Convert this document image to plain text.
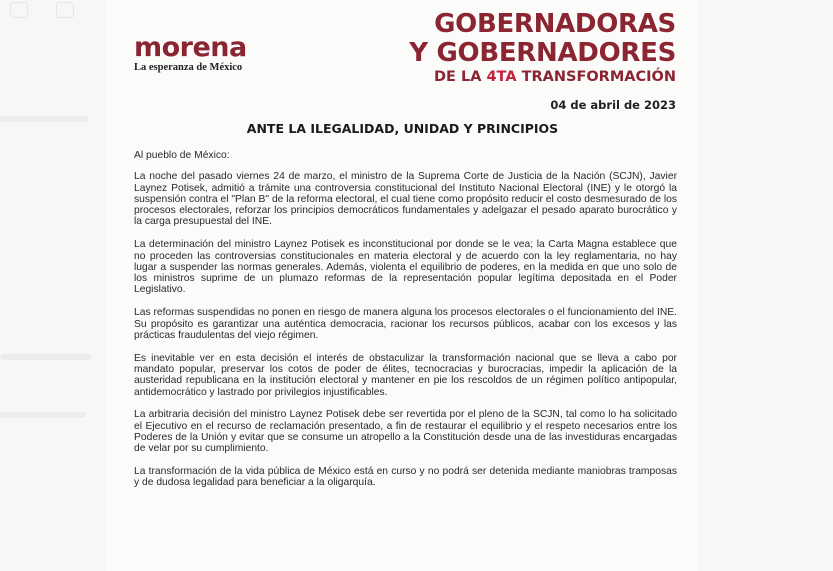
morena
La esperanza de México
GOBERNADORAS
Y GOBERNADORES
DE LA 4TA TRANSFORMACIÓN
04 de abril de 2023
ANTE LA ILEGALIDAD, UNIDAD Y PRINCIPIOS

Al pueblo de México:

La noche del pasado viernes 24 de marzo, el ministro de la Suprema Corte de Justicia de la Nación (SCJN), Javier Laynez Potisek, admitió a trámite una controversia constitucional del Instituto Nacional Electoral (INE) y le otorgó la suspensión contra el "Plan B" de la reforma electoral, el cual tiene como propósito reducir el costo desmesurado de los procesos electorales, reforzar los principios democráticos fundamentales y adelgazar el pesado aparato burocrático y la carga presupuestal del INE.

La determinación del ministro Laynez Potisek es inconstitucional por donde se le vea; la Carta Magna establece que no proceden las controversias constitucionales en materia electoral y de acuerdo con la ley reglamentaria, no hay lugar a suspender las normas generales. Además, violenta el equilibrio de poderes, en la medida en que uno solo de los ministros suprime de un plumazo reformas de la representación popular legítima depositada en el Poder Legislativo.

Las reformas suspendidas no ponen en riesgo de manera alguna los procesos electorales o el funcionamiento del INE. Su propósito es garantizar una auténtica democracia, racionar los recursos públicos, acabar con los excesos y las prácticas fraudulentas del viejo régimen.

Es inevitable ver en esta decisión el interés de obstaculizar la transformación nacional que se lleva a cabo por mandato popular, preservar los cotos de poder de élites, tecnocracias y burocracias, impedir la aplicación de la austeridad republicana en la institución electoral y mantener en pie los rescoldos de un régimen político antipopular, antidemocrático y lastrado por privilegios injustificables.

La arbitraria decisión del ministro Laynez Potisek debe ser revertida por el pleno de la SCJN, tal como lo ha solicitado el Ejecutivo en el recurso de reclamación presentado, a fin de restaurar el equilibrio y el respeto necesarios entre los Poderes de la Unión y evitar que se consume un atropello a la Constitución desde una de las investiduras encargadas de velar por su cumplimiento.

La transformación de la vida pública de México está en curso y no podrá ser detenida mediante maniobras tramposas y de dudosa legalidad para beneficiar a la oligarquía.
